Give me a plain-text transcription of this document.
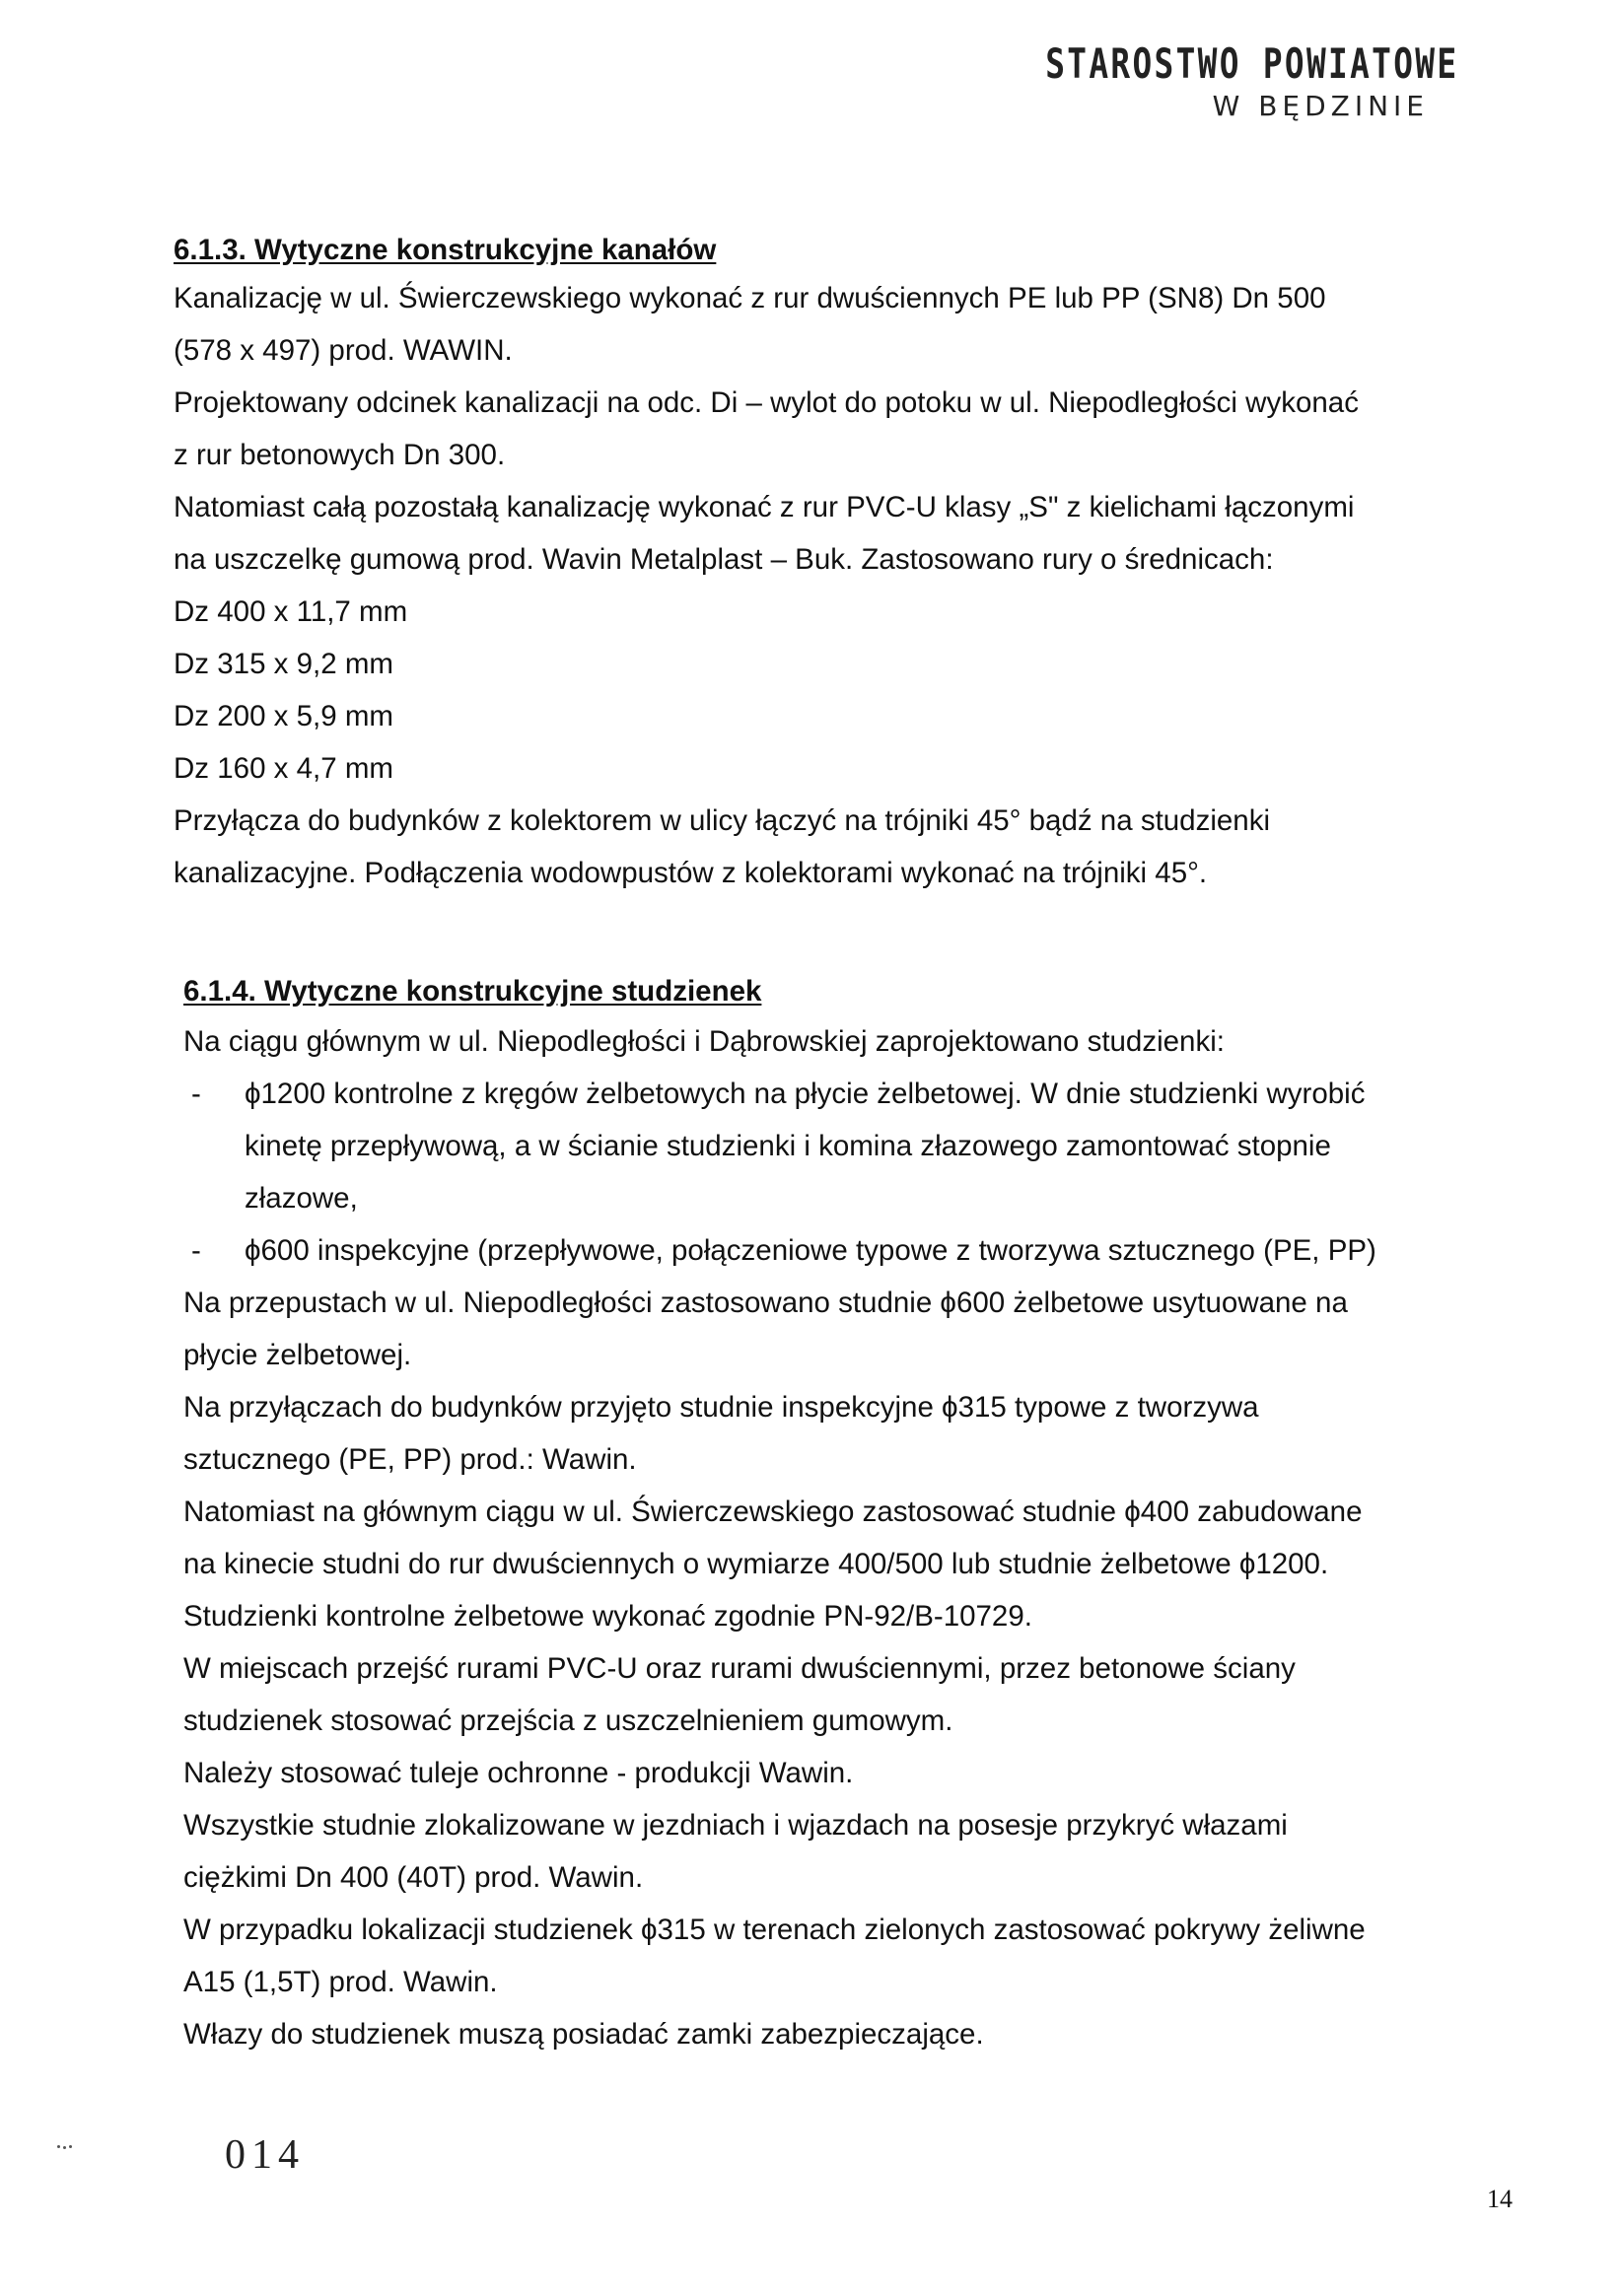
STAROSTWO POWIATOWE
W BĘDZINIE

6.1.3. Wytyczne konstrukcyjne kanałów

Kanalizację w ul. Świerczewskiego wykonać z rur dwuściennych PE lub PP (SN8) Dn 500

(578 x 497) prod. WAWIN.

Projektowany odcinek kanalizacji na odc. Di – wylot do potoku w ul. Niepodległości wykonać

z rur betonowych Dn 300.

Natomiast całą pozostałą kanalizację wykonać z rur PVC-U klasy „S" z kielichami łączonymi

na uszczelkę gumową prod. Wavin Metalplast – Buk. Zastosowano rury o średnicach:

Dz 400 x 11,7 mm

Dz 315 x 9,2 mm

Dz 200 x 5,9 mm

Dz 160 x 4,7 mm

Przyłącza do budynków z kolektorem w ulicy łączyć na trójniki 45° bądź na studzienki

kanalizacyjne. Podłączenia wodowpustów z kolektorami wykonać na trójniki 45°.

6.1.4. Wytyczne konstrukcyjne studzienek

Na ciągu głównym w ul. Niepodległości i Dąbrowskiej zaprojektowano studzienki:

- ϕ1200 kontrolne z kręgów żelbetowych na płycie żelbetowej. W dnie studzienki wyrobić

kinetę przepływową, a w ścianie studzienki i komina złazowego zamontować stopnie

złazowe,

- ϕ600 inspekcyjne (przepływowe, połączeniowe typowe z tworzywa sztucznego (PE, PP)

Na przepustach w ul. Niepodległości zastosowano studnie ϕ600 żelbetowe usytuowane na

płycie żelbetowej.

Na przyłączach do budynków przyjęto studnie inspekcyjne ϕ315 typowe z tworzywa

sztucznego (PE, PP) prod.: Wawin.

Natomiast na głównym ciągu w ul. Świerczewskiego zastosować studnie ϕ400 zabudowane

na kinecie studni do rur dwuściennych o wymiarze 400/500 lub studnie żelbetowe ϕ1200.

Studzienki kontrolne żelbetowe wykonać zgodnie PN-92/B-10729.

W miejscach przejść rurami PVC-U oraz rurami dwuściennymi, przez betonowe ściany

studzienek stosować przejścia z uszczelnieniem gumowym.

Należy stosować tuleje ochronne - produkcji Wawin.

Wszystkie studnie zlokalizowane w jezdniach i wjazdach na posesje przykryć włazami

ciężkimi Dn 400 (40T) prod. Wawin.

W przypadku lokalizacji studzienek ϕ315 w terenach zielonych zastosować pokrywy żeliwne

A15 (1,5T) prod. Wawin.

Włazy do studzienek muszą posiadać zamki zabezpieczające.

014
14
